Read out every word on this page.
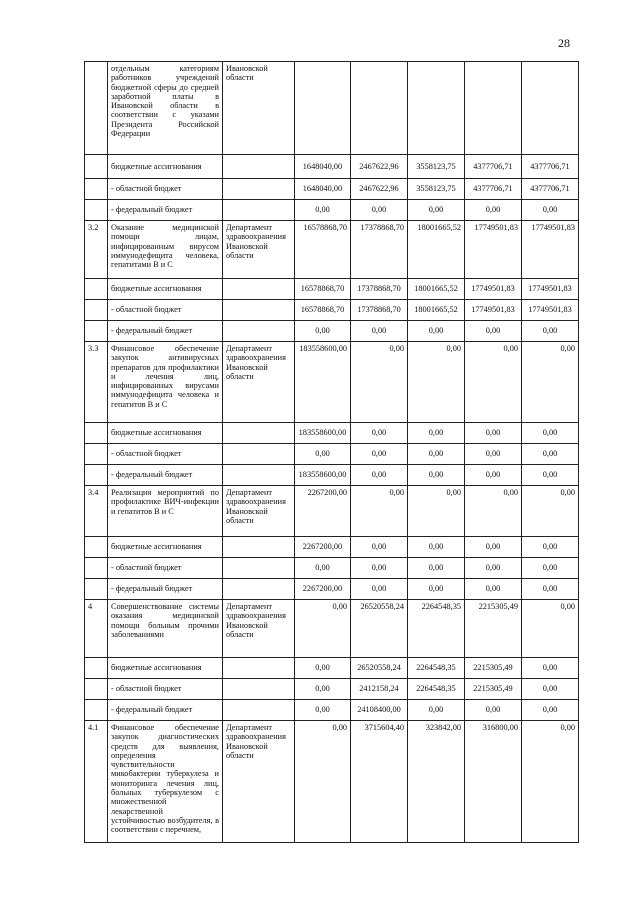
28
	отдельным категориям работников учреждений бюджетной сферы до средней заработной платы в Ивановской области в соответствии с указами Президента Российской Федерации	Ивановской области					
	бюджетные ассигнования		1648040,00	2467622,96	3558123,75	4377706,71	4377706,71
	- областной бюджет		1648040,00	2467622,96	3558123,75	4377706,71	4377706,71
	- федеральный бюджет		0,00	0,00	0,00	0,00	0,00
3.2	Оказание медицинской помощи лицам, инфицированным вирусом иммунодефицита человека, гепатитами В и С	Департамент здравоохранения Ивановской области	16578868,70	17378868,70	18001665,52	17749501,83	17749501,83
	бюджетные ассигнования		16578868,70	17378868,70	18001665,52	17749501,83	17749501,83
	- областной бюджет		16578868,70	17378868,70	18001665,52	17749501,83	17749501,83
	- федеральный бюджет		0,00	0,00	0,00	0,00	0,00
3.3	Финансовое обеспечение закупок антивирусных препаратов для профилактики и лечения лиц, инфицированных вирусами иммунодефицита человека и гепатитов В и С	Департамент здравоохранения Ивановской области	183558600,00	0,00	0,00	0,00	0,00
	бюджетные ассигнования		183558600,00	0,00	0,00	0,00	0,00
	- областной бюджет		0,00	0,00	0,00	0,00	0,00
	- федеральный бюджет		183558600,00	0,00	0,00	0,00	0,00
3.4	Реализация мероприятий по профилактике ВИЧ-инфекции и гепатитов В и С	Департамент здравоохранения Ивановской области	2267200,00	0,00	0,00	0,00	0,00
	бюджетные ассигнования		2267200,00	0,00	0,00	0,00	0,00
	- областной бюджет		0,00	0,00	0,00	0,00	0,00
	- федеральный бюджет		2267200,00	0,00	0,00	0,00	0,00
4	Совершенствование системы оказания медицинской помощи больным прочими заболеваниями	Департамент здравоохранения Ивановской области	0,00	26520558,24	2264548,35	2215305,49	0,00
	бюджетные ассигнования		0,00	26520558,24	2264548,35	2215305,49	0,00
	- областной бюджет		0,00	2412158,24	2264548,35	2215305,49	0,00
	- федеральный бюджет		0,00	24108400,00	0,00	0,00	0,00
4.1	Финансовое обеспечение закупок диагностических средств для выявления, определения чувствительности микобактерии туберкулеза и мониторинга лечения лиц, больных туберкулезом с множественной лекарственной устойчивостью возбудителя, в соответствии с перечнем,	Департамент здравоохранения Ивановской области	0,00	3715604,40	323842,00	316800,00	0,00
